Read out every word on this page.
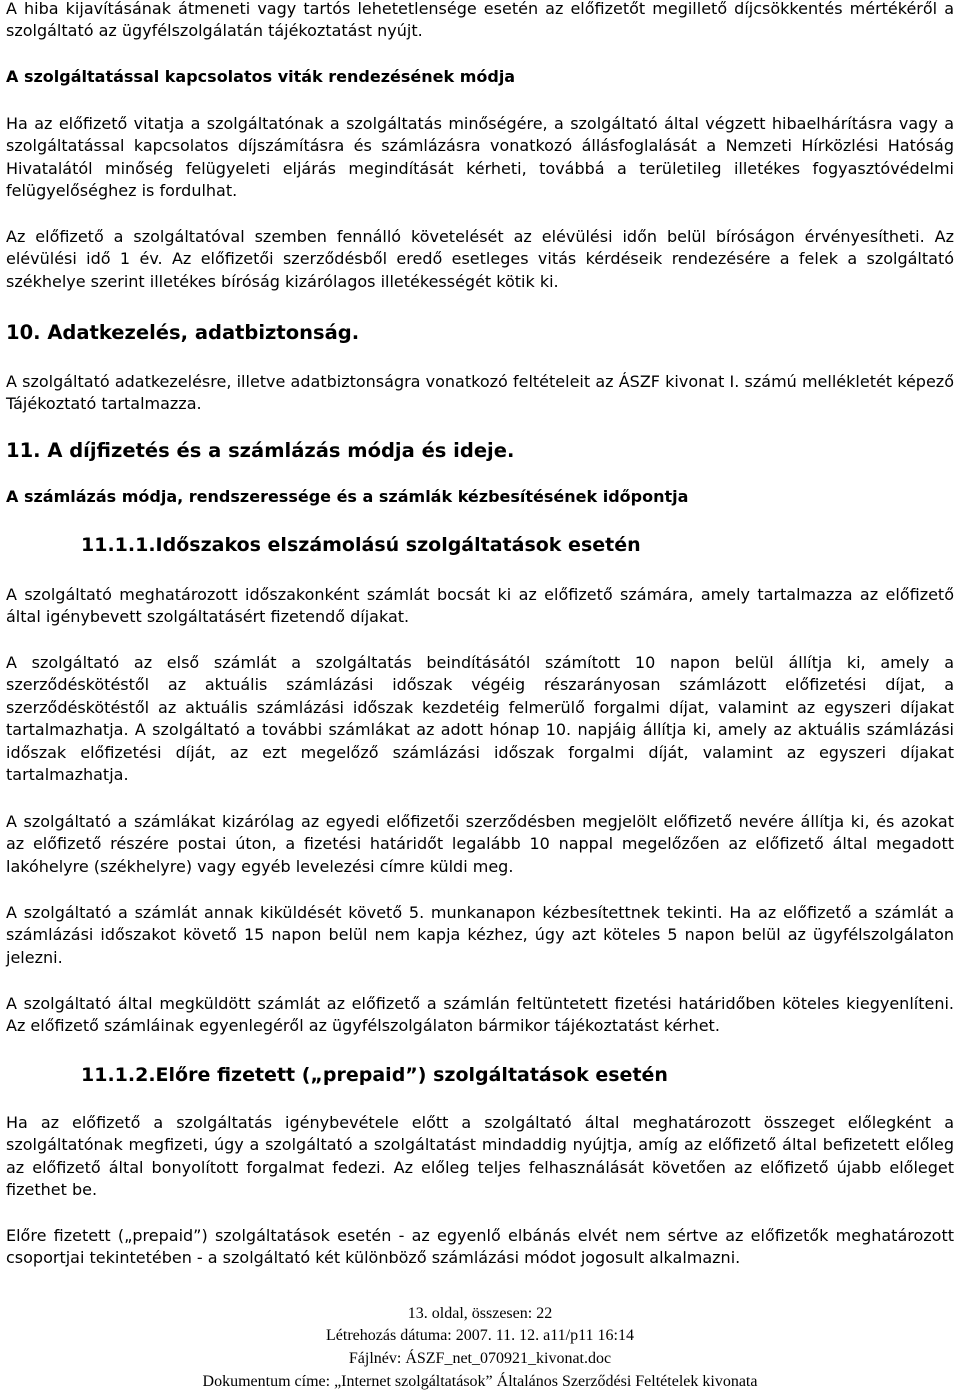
A hiba kijavításának átmeneti vagy tartós lehetetlensége esetén az előfizetőt megillető díjcsökkentés mértékéről a szolgáltató az ügyfélszolgálatán tájékoztatást nyújt.

A szolgáltatással kapcsolatos viták rendezésének módja

Ha az előfizető vitatja a szolgáltatónak a szolgáltatás minőségére, a szolgáltató által végzett hibaelhárításra vagy a szolgáltatással kapcsolatos díjszámításra és számlázásra vonatkozó állásfoglalását a Nemzeti Hírközlési Hatóság Hivatalától minőség felügyeleti eljárás megindítását kérheti, továbbá a területileg illetékes fogyasztóvédelmi felügyelőséghez is fordulhat.

Az előfizető a szolgáltatóval szemben fennálló követelését az elévülési időn belül bíróságon érvényesítheti. Az elévülési idő 1 év. Az előfizetői szerződésből eredő esetleges vitás kérdéseik rendezésére a felek a szolgáltató székhelye szerint illetékes bíróság kizárólagos illetékességét kötik ki.

10. Adatkezelés, adatbiztonság.

A szolgáltató adatkezelésre, illetve adatbiztonságra vonatkozó feltételeit az ÁSZF kivonat I. számú mellékletét képező Tájékoztató tartalmazza.

11. A díjfizetés és a számlázás módja és ideje.

A számlázás módja, rendszeressége és a számlák kézbesítésének időpontja

11.1.1.Időszakos elszámolású szolgáltatások esetén

A szolgáltató meghatározott időszakonként számlát bocsát ki az előfizető számára, amely tartalmazza az előfizető által igénybevett szolgáltatásért fizetendő díjakat.

A szolgáltató az első számlát a szolgáltatás beindításától számított 10 napon belül állítja ki, amely a szerződéskötéstől az aktuális számlázási időszak végéig részarányosan számlázott előfizetési díjat, a szerződéskötéstől az aktuális számlázási időszak kezdetéig felmerülő forgalmi díjat, valamint az egyszeri díjakat tartalmazhatja. A szolgáltató a további számlákat az adott hónap 10. napjáig állítja ki, amely az aktuális számlázási időszak előfizetési díját, az ezt megelőző számlázási időszak forgalmi díját, valamint az egyszeri díjakat tartalmazhatja.

A szolgáltató a számlákat kizárólag az egyedi előfizetői szerződésben megjelölt előfizető nevére állítja ki, és azokat az előfizető részére postai úton, a fizetési határidőt legalább 10 nappal megelőzően az előfizető által megadott lakóhelyre (székhelyre) vagy egyéb levelezési címre küldi meg.

A szolgáltató a számlát annak kiküldését követő 5. munkanapon kézbesítettnek tekinti. Ha az előfizető a számlát a számlázási időszakot követő 15 napon belül nem kapja kézhez, úgy azt köteles 5 napon belül az ügyfélszolgálaton jelezni.

A szolgáltató által megküldött számlát az előfizető a számlán feltüntetett fizetési határidőben köteles kiegyenlíteni. Az előfizető számláinak egyenlegéről az ügyfélszolgálaton bármikor tájékoztatást kérhet.

11.1.2.Előre fizetett („prepaid”) szolgáltatások esetén

Ha az előfizető a szolgáltatás igénybevétele előtt a szolgáltató által meghatározott összeget előlegként a szolgáltatónak megfizeti, úgy a szolgáltató a szolgáltatást mindaddig nyújtja, amíg az előfizető által befizetett előleg az előfizető által bonyolított forgalmat fedezi. Az előleg teljes felhasználását követően az előfizető újabb előleget fizethet be.

Előre fizetett („prepaid”) szolgáltatások esetén - az egyenlő elbánás elvét nem sértve az előfizetők meghatározott csoportjai tekintetében - a szolgáltató két különböző számlázási módot jogosult alkalmazni.

13. oldal, összesen: 22
Létrehozás dátuma: 2007. 11. 12. a11/p11 16:14
Fájlnév: ÁSZF_net_070921_kivonat.doc
Dokumentum címe: „Internet szolgáltatások” Általános Szerződési Feltételek kivonata
